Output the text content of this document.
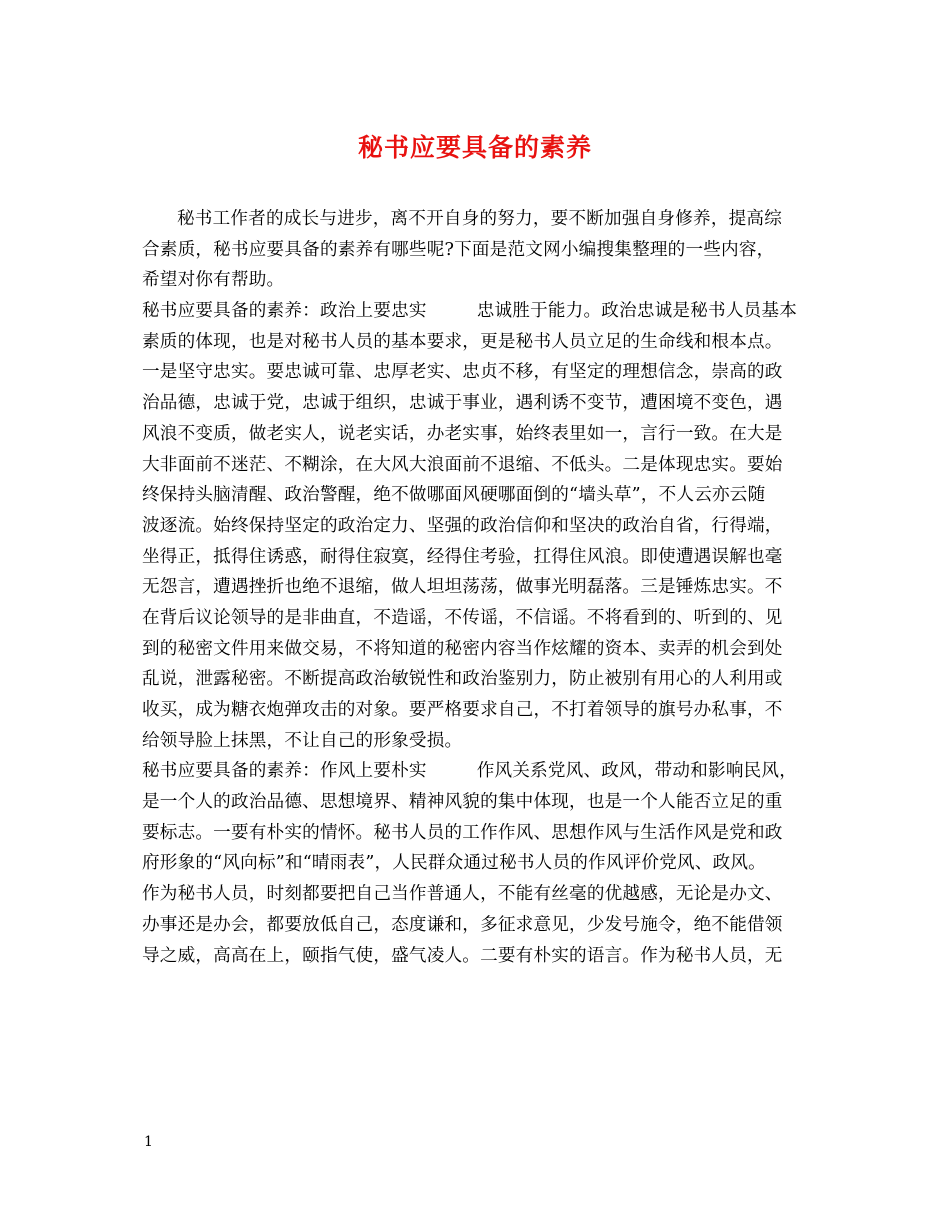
秘书应要具备的素养
秘书工作者的成长与进步，离不开自身的努力，要不断加强自身修养，提高综
合素质，秘书应要具备的素养有哪些呢?下面是范文网小编搜集整理的一些内容，
希望对你有帮助。
秘书应要具备的素养：政治上要忠实	忠诚胜于能力。政治忠诚是秘书人员基本
素质的体现，也是对秘书人员的基本要求，更是秘书人员立足的生命线和根本点。
一是坚守忠实。要忠诚可靠、忠厚老实、忠贞不移，有坚定的理想信念，崇高的政
治品德，忠诚于党，忠诚于组织，忠诚于事业，遇利诱不变节，遭困境不变色，遇
风浪不变质，做老实人，说老实话，办老实事，始终表里如一，言行一致。在大是
大非面前不迷茫、不糊涂，在大风大浪面前不退缩、不低头。二是体现忠实。要始
终保持头脑清醒、政治警醒，绝不做哪面风硬哪面倒的“墙头草”，不人云亦云随
波逐流。始终保持坚定的政治定力、坚强的政治信仰和坚决的政治自省，行得端，
坐得正，抵得住诱惑，耐得住寂寞，经得住考验，扛得住风浪。即使遭遇误解也毫
无怨言，遭遇挫折也绝不退缩，做人坦坦荡荡，做事光明磊落。三是锤炼忠实。不
在背后议论领导的是非曲直，不造谣，不传谣，不信谣。不将看到的、听到的、见
到的秘密文件用来做交易，不将知道的秘密内容当作炫耀的资本、卖弄的机会到处
乱说，泄露秘密。不断提高政治敏锐性和政治鉴别力，防止被别有用心的人利用或
收买，成为糖衣炮弹攻击的对象。要严格要求自己，不打着领导的旗号办私事，不
给领导脸上抹黑，不让自己的形象受损。
秘书应要具备的素养：作风上要朴实	作风关系党风、政风，带动和影响民风，
是一个人的政治品德、思想境界、精神风貌的集中体现，也是一个人能否立足的重
要标志。一要有朴实的情怀。秘书人员的工作作风、思想作风与生活作风是党和政
府形象的“风向标”和“晴雨表”，人民群众通过秘书人员的作风评价党风、政风。
作为秘书人员，时刻都要把自己当作普通人，不能有丝毫的优越感，无论是办文、
办事还是办会，都要放低自己，态度谦和，多征求意见，少发号施令，绝不能借领
导之威，高高在上，颐指气使，盛气凌人。二要有朴实的语言。作为秘书人员，无
1
